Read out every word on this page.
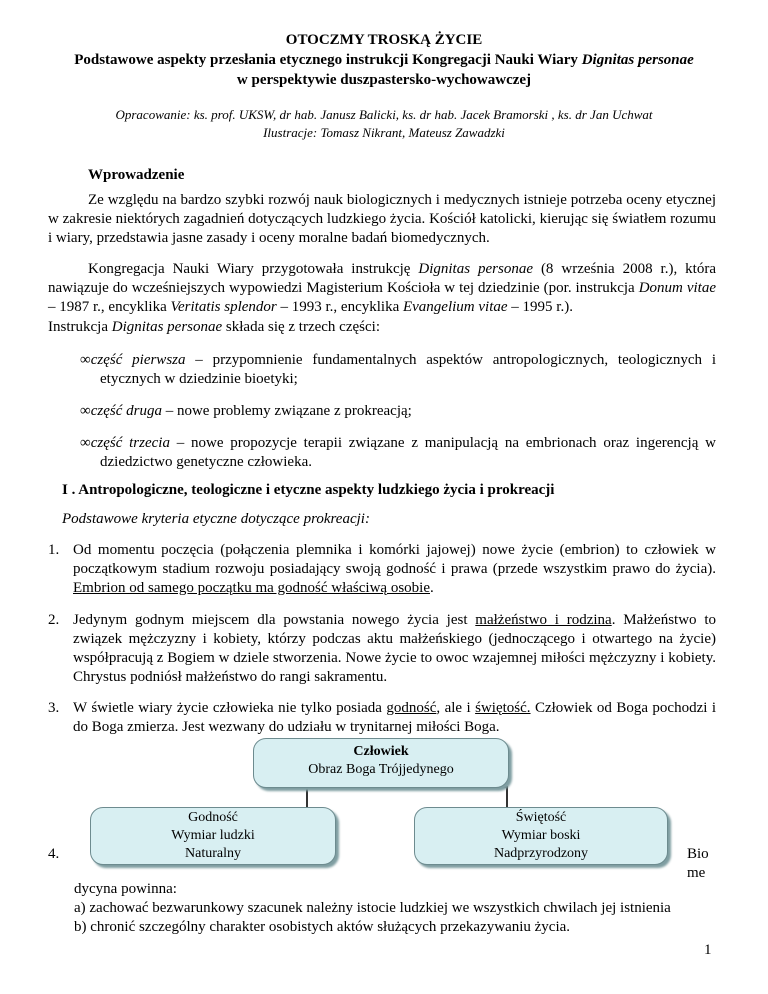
OTOCZMY TROSKĄ ŻYCIE
Podstawowe aspekty przesłania etycznego instrukcji Kongregacji Nauki Wiary Dignitas personae
w perspektywie duszpastersko-wychowawczej
Opracowanie: ks. prof. UKSW, dr hab. Janusz Balicki, ks. dr hab. Jacek Bramorski , ks. dr Jan Uchwat
Ilustracje: Tomasz Nikrant, Mateusz Zawadzki
Wprowadzenie
Ze względu na bardzo szybki rozwój nauk biologicznych i medycznych istnieje potrzeba oceny etycznej w zakresie niektórych zagadnień dotyczących ludzkiego życia. Kościół katolicki, kierując się światłem rozumu i wiary, przedstawia jasne zasady i oceny moralne badań biomedycznych.
Kongregacja Nauki Wiary przygotowała instrukcję Dignitas personae (8 września 2008 r.), która nawiązuje do wcześniejszych wypowiedzi Magisterium Kościoła w tej dziedzinie (por. instrukcja Donum vitae – 1987 r., encyklika Veritatis splendor – 1993 r., encyklika Evangelium vitae – 1995 r.).
Instrukcja Dignitas personae składa się z trzech części:
∞część pierwsza – przypomnienie fundamentalnych aspektów antropologicznych, teologicznych i etycznych w dziedzinie bioetyki;
∞część druga – nowe problemy związane z prokreacją;
∞część trzecia – nowe propozycje terapii związane z manipulacją na embrionach oraz ingerencją w dziedzictwo genetyczne człowieka.
I . Antropologiczne, teologiczne i etyczne aspekty ludzkiego życia i prokreacji
Podstawowe kryteria etyczne dotyczące prokreacji:
1. Od momentu poczęcia (połączenia plemnika i komórki jajowej) nowe życie (embrion) to człowiek w początkowym stadium rozwoju posiadający swoją godność i prawa (przede wszystkim prawo do życia). Embrion od samego początku ma godność właściwą osobie.
2. Jedynym godnym miejscem dla powstania nowego życia jest małżeństwo i rodzina. Małżeństwo to związek mężczyzny i kobiety, którzy podczas aktu małżeńskiego (jednoczącego i otwartego na życie) współpracują z Bogiem w dziele stworzenia. Nowe życie to owoc wzajemnej miłości mężczyzny i kobiety. Chrystus podniósł małżeństwo do rangi sakramentu.
3. W świetle wiary życie człowieka nie tylko posiada godność, ale i świętość. Człowiek od Boga pochodzi i do Boga zmierza. Jest wezwany do udziału w trynitarnej miłości Boga.
Człowiek
Obraz Boga Trójjedynego
Godność
Wymiar ludzki
Naturalny
Świętość
Wymiar boski
Nadprzyrodzony
4.	Bio
me
dycyna powinna:
a) zachować bezwarunkowy szacunek należny istocie ludzkiej we wszystkich chwilach jej istnienia
b) chronić szczególny charakter osobistych aktów służących przekazywaniu życia.
1
